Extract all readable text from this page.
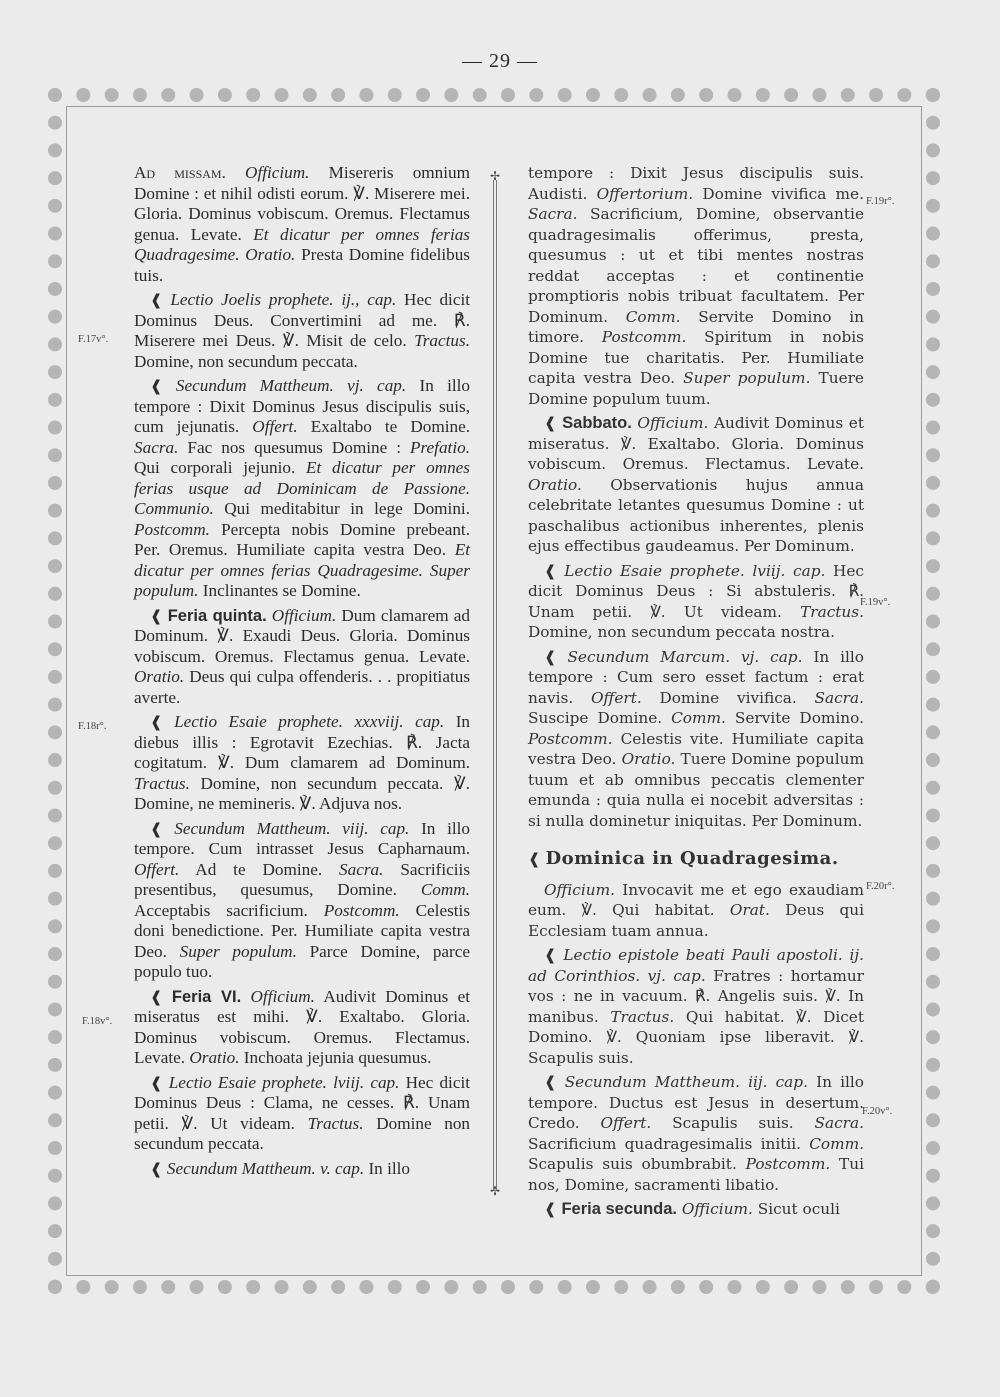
— 29 —
✢
✢
F.17v°.
F.18r°.
F.18v°.
F.19r°.
F.19v°.
F.20r°.
F.20v°.

Ad missam. Officium. Misereris omnium Domine : et nihil odisti eorum. ℣. Miserere mei. Gloria. Dominus vobiscum. Oremus. Flectamus genua. Levate. Et dicatur per omnes ferias Quadragesime. Oratio. Presta Domine fidelibus tuis.

❰ Lectio Joelis prophete. ij., cap. Hec dicit Dominus Deus. Convertimini ad me. ℟. Miserere mei Deus. ℣. Misit de celo. Tractus. Domine, non secundum peccata.

❰ Secundum Mattheum. vj. cap. In illo tempore : Dixit Dominus Jesus discipulis suis, cum jejunatis. Offert. Exaltabo te Domine. Sacra. Fac nos quesumus Domine : Prefatio. Qui corporali jejunio. Et dicatur per omnes ferias usque ad Dominicam de Passione. Communio. Qui meditabitur in lege Domini. Postcomm. Percepta nobis Domine prebeant. Per. Oremus. Humiliate capita vestra Deo. Et dicatur per omnes ferias Quadragesime. Super populum. Inclinantes se Domine.

❰ Feria quinta. Officium. Dum clamarem ad Dominum. ℣. Exaudi Deus. Gloria. Dominus vobiscum. Oremus. Flectamus genua. Levate. Oratio. Deus qui culpa offenderis. . . propitiatus averte.

❰ Lectio Esaie prophete. xxxviij. cap. In diebus illis : Egrotavit Ezechias. ℟. Jacta cogitatum. ℣. Dum clamarem ad Dominum. Tractus. Domine, non secundum peccata. ℣. Domine, ne memineris. ℣. Adjuva nos.

❰ Secundum Mattheum. viij. cap. In illo tempore. Cum intrasset Jesus Capharnaum. Offert. Ad te Domine. Sacra. Sacrificiis presentibus, quesumus, Domine. Comm. Acceptabis sacrificium. Postcomm. Celestis doni benedictione. Per. Humiliate capita vestra Deo. Super populum. Parce Domine, parce populo tuo.

❰ Feria VI. Officium. Audivit Dominus et miseratus est mihi. ℣. Exaltabo. Gloria. Dominus vobiscum. Oremus. Flectamus. Levate. Oratio. Inchoata jejunia quesumus.

❰ Lectio Esaie prophete. lviij. cap. Hec dicit Dominus Deus : Clama, ne cesses. ℟. Unam petii. ℣. Ut videam. Tractus. Domine non secundum peccata.

❰ Secundum Mattheum. v. cap. In illo

tempore : Dixit Jesus discipulis suis. Audisti. Offertorium. Domine vivifica me. Sacra. Sacrificium, Domine, observantie quadragesimalis offerimus, presta, quesumus : ut et tibi mentes nostras reddat acceptas : et continentie promptioris nobis tribuat facultatem. Per Dominum. Comm. Servite Domino in timore. Postcomm. Spiritum in nobis Domine tue charitatis. Per. Humiliate capita vestra Deo. Super populum. Tuere Domine populum tuum.

❰ Sabbato. Officium. Audivit Dominus et miseratus. ℣. Exaltabo. Gloria. Dominus vobiscum. Oremus. Flectamus. Levate. Oratio. Observationis hujus annua celebritate letantes quesumus Domine : ut paschalibus actionibus inherentes, plenis ejus effectibus gaudeamus. Per Dominum.

❰ Lectio Esaie prophete. lviij. cap. Hec dicit Dominus Deus : Si abstuleris. ℟. Unam petii. ℣. Ut videam. Tractus. Domine, non secundum peccata nostra.

❰ Secundum Marcum. vj. cap. In illo tempore : Cum sero esset factum : erat navis. Offert. Domine vivifica. Sacra. Suscipe Domine. Comm. Servite Domino. Postcomm. Celestis vite. Humiliate capita vestra Deo. Oratio. Tuere Domine populum tuum et ab omnibus peccatis clementer emunda : quia nulla ei nocebit adversitas : si nulla dominetur iniquitas. Per Dominum.

❰ Dominica in Quadragesima.

Officium. Invocavit me et ego exaudiam eum. ℣. Qui habitat. Orat. Deus qui Ecclesiam tuam annua.

❰ Lectio epistole beati Pauli apostoli. ij. ad Corinthios. vj. cap. Fratres : hortamur vos : ne in vacuum. ℟. Angelis suis. ℣. In manibus. Tractus. Qui habitat. ℣. Dicet Domino. ℣. Quoniam ipse liberavit. ℣. Scapulis suis.

❰ Secundum Mattheum. iij. cap. In illo tempore. Ductus est Jesus in desertum. Credo. Offert. Scapulis suis. Sacra. Sacrificium quadragesimalis initii. Comm. Scapulis suis obumbrabit. Postcomm. Tui nos, Domine, sacramenti libatio.

❰ Feria secunda. Officium. Sicut oculi
